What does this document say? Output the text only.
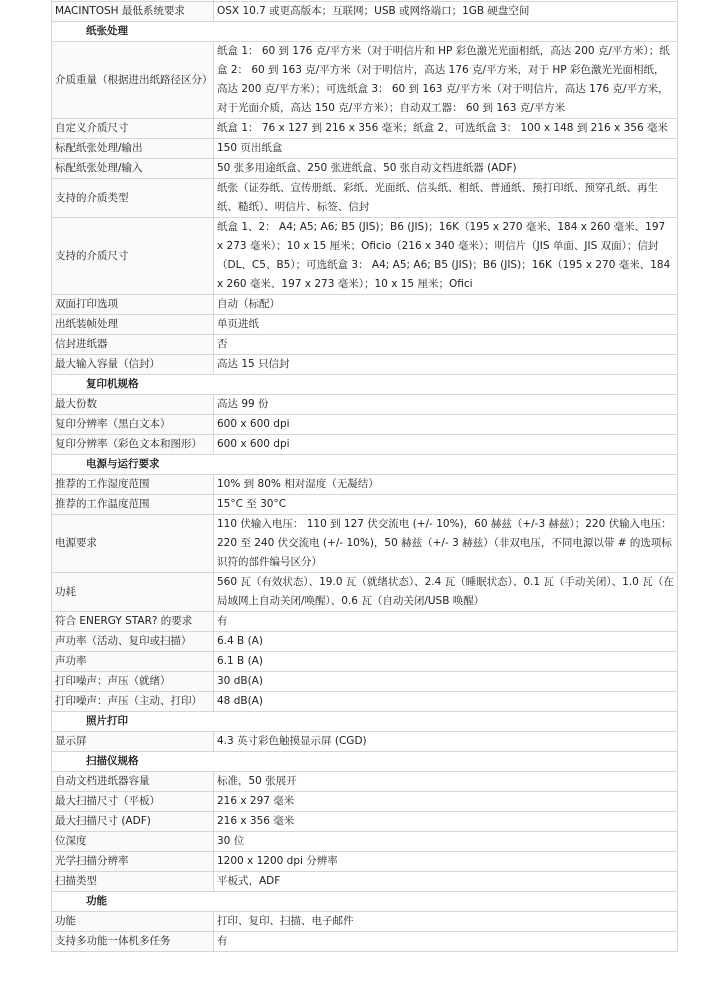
MACINTOSH 最低系统要求	OSX 10.7 或更高版本；互联网；USB 或网络端口；1GB 硬盘空间
纸张处理	
介质重量（根据进出纸路径区分）	纸盒 1： 60 到 176 克/平方米（对于明信片和 HP 彩色激光光面相纸，高达 200 克/平方米）；纸盒 2： 60 到 163 克/平方米（对于明信片，高达 176 克/平方米，对于 HP 彩色激光光面相纸，高达 200 克/平方米）；可选纸盒 3： 60 到 163 克/平方米（对于明信片，高达 176 克/平方米，对于光面介质，高达 150 克/平方米）；自动双工器： 60 到 163 克/平方米
自定义介质尺寸	纸盒 1： 76 x 127 到 216 x 356 毫米；纸盒 2、可选纸盒 3： 100 x 148 到 216 x 356 毫米
标配纸张处理/输出	150 页出纸盒
标配纸张处理/输入	50 张多用途纸盒、250 张进纸盒、50 张自动文档进纸器 (ADF)
支持的介质类型	纸张（证券纸、宣传册纸、彩纸、光面纸、信头纸、相纸、普通纸、预打印纸、预穿孔纸、再生纸、糙纸）、明信片、标签、信封
支持的介质尺寸	纸盒 1、2： A4; A5; A6; B5 (JIS)；B6 (JIS)；16K（195 x 270 毫米、184 x 260 毫米、197 x 273 毫米）；10 x 15 厘米；Oficio（216 x 340 毫米）；明信片（JIS 单面、JIS 双面）；信封（DL、C5、B5）；可选纸盒 3： A4; A5; A6; B5 (JIS)；B6 (JIS)；16K（195 x 270 毫米、184 x 260 毫米、197 x 273 毫米）；10 x 15 厘米；Ofici
双面打印选项	自动（标配）
出纸装帧处理	单页进纸
信封进纸器	否
最大输入容量（信封）	高达 15 只信封
复印机规格	
最大份数	高达 99 份
复印分辨率（黑白文本）	600 x 600 dpi
复印分辨率（彩色文本和图形）	600 x 600 dpi
电源与运行要求	
推荐的工作湿度范围	10% 到 80% 相对湿度（无凝结）
推荐的工作温度范围	15°C 至 30°C
电源要求	110 伏输入电压： 110 到 127 伏交流电 (+/- 10%)，60 赫兹（+/-3 赫兹）；220 伏输入电压： 220 至 240 伏交流电 (+/- 10%)，50 赫兹（+/- 3 赫兹）（非双电压，不同电源以带 # 的选项标识符的部件编号区分）
功耗	560 瓦（有效状态）、19.0 瓦（就绪状态）、2.4 瓦（睡眠状态）、0.1 瓦（手动关闭）、1.0 瓦（在局域网上自动关闭/唤醒）、0.6 瓦（自动关闭/USB 唤醒）
符合 ENERGY STAR? 的要求	有
声功率（活动、复印或扫描）	6.4 B (A)
声功率	6.1 B (A)
打印噪声：声压（就绪）	30 dB(A)
打印噪声：声压（主动、打印）	48 dB(A)
照片打印	
显示屏	4.3 英寸彩色触摸显示屏 (CGD)
扫描仪规格	
自动文档进纸器容量	标准，50 张展开
最大扫描尺寸（平板）	216 x 297 毫米
最大扫描尺寸 (ADF)	216 x 356 毫米
位深度	30 位
光学扫描分辨率	1200 x 1200 dpi 分辨率
扫描类型	平板式，ADF
功能	
功能	打印、复印、扫描、电子邮件
支持多功能一体机多任务	有
